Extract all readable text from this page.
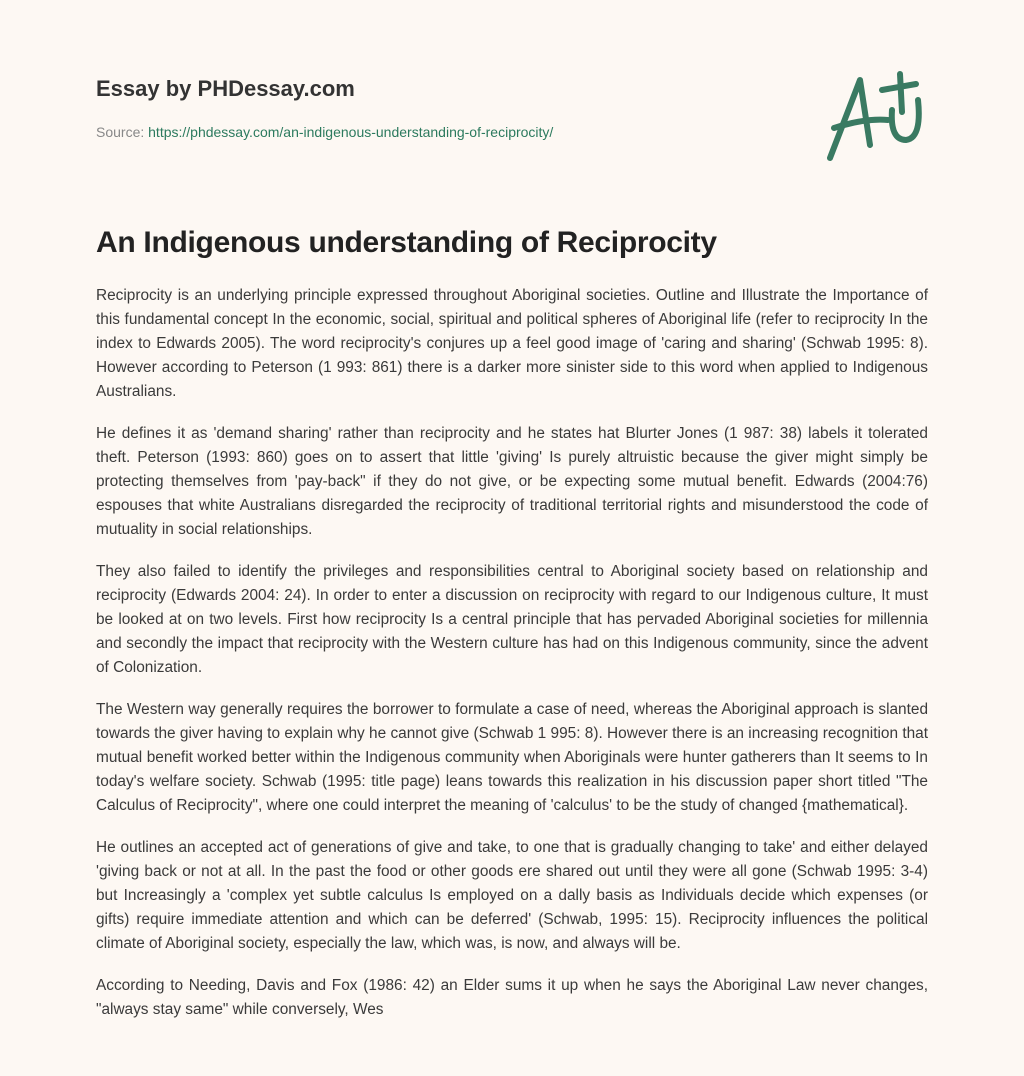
Essay by PHDessay.com

Source: https://phdessay.com/an-indigenous-understanding-of-reciprocity/
An Indigenous understanding of Reciprocity

Reciprocity is an underlying principle expressed throughout Aboriginal societies. Outline and Illustrate the Importance of this fundamental concept In the economic, social, spiritual and political spheres of Aboriginal life (refer to reciprocity In the index to Edwards 2005). The word reciprocity's conjures up a feel good image of 'caring and sharing' (Schwab 1995: 8). However according to Peterson (1 993: 861) there is a darker more sinister side to this word when applied to Indigenous Australians.

He defines it as 'demand sharing' rather than reciprocity and he states hat Blurter Jones (1 987: 38) labels it tolerated theft. Peterson (1993: 860) goes on to assert that little 'giving' Is purely altruistic because the giver might simply be protecting themselves from 'pay-back" if they do not give, or be expecting some mutual benefit. Edwards (2004:76) espouses that white Australians disregarded the reciprocity of traditional territorial rights and misunderstood the code of mutuality in social relationships.

They also failed to identify the privileges and responsibilities central to Aboriginal society based on relationship and reciprocity (Edwards 2004: 24). In order to enter a discussion on reciprocity with regard to our Indigenous culture, It must be looked at on two levels. First how reciprocity Is a central principle that has pervaded Aboriginal societies for millennia and secondly the impact that reciprocity with the Western culture has had on this Indigenous community, since the advent of Colonization.

The Western way generally requires the borrower to formulate a case of need, whereas the Aboriginal approach is slanted towards the giver having to explain why he cannot give (Schwab 1 995: 8). However there is an increasing recognition that mutual benefit worked better within the Indigenous community when Aboriginals were hunter gatherers than It seems to In today's welfare society. Schwab (1995: title page) leans towards this realization in his discussion paper short titled "The Calculus of Reciprocity", where one could interpret the meaning of 'calculus' to be the study of changed {mathematical}.

He outlines an accepted act of generations of give and take, to one that is gradually changing to take' and either delayed 'giving back or not at all. In the past the food or other goods ere shared out until they were all gone (Schwab 1995: 3-4) but Increasingly a 'complex yet subtle calculus Is employed on a dally basis as Individuals decide which expenses (or gifts) require immediate attention and which can be deferred' (Schwab, 1995: 15). Reciprocity influences the political climate of Aboriginal society, especially the law, which was, is now, and always will be.

According to Needing, Davis and Fox (1986: 42) an Elder sums it up when he says the Aboriginal Law never changes, "always stay same" while conversely, Wes
